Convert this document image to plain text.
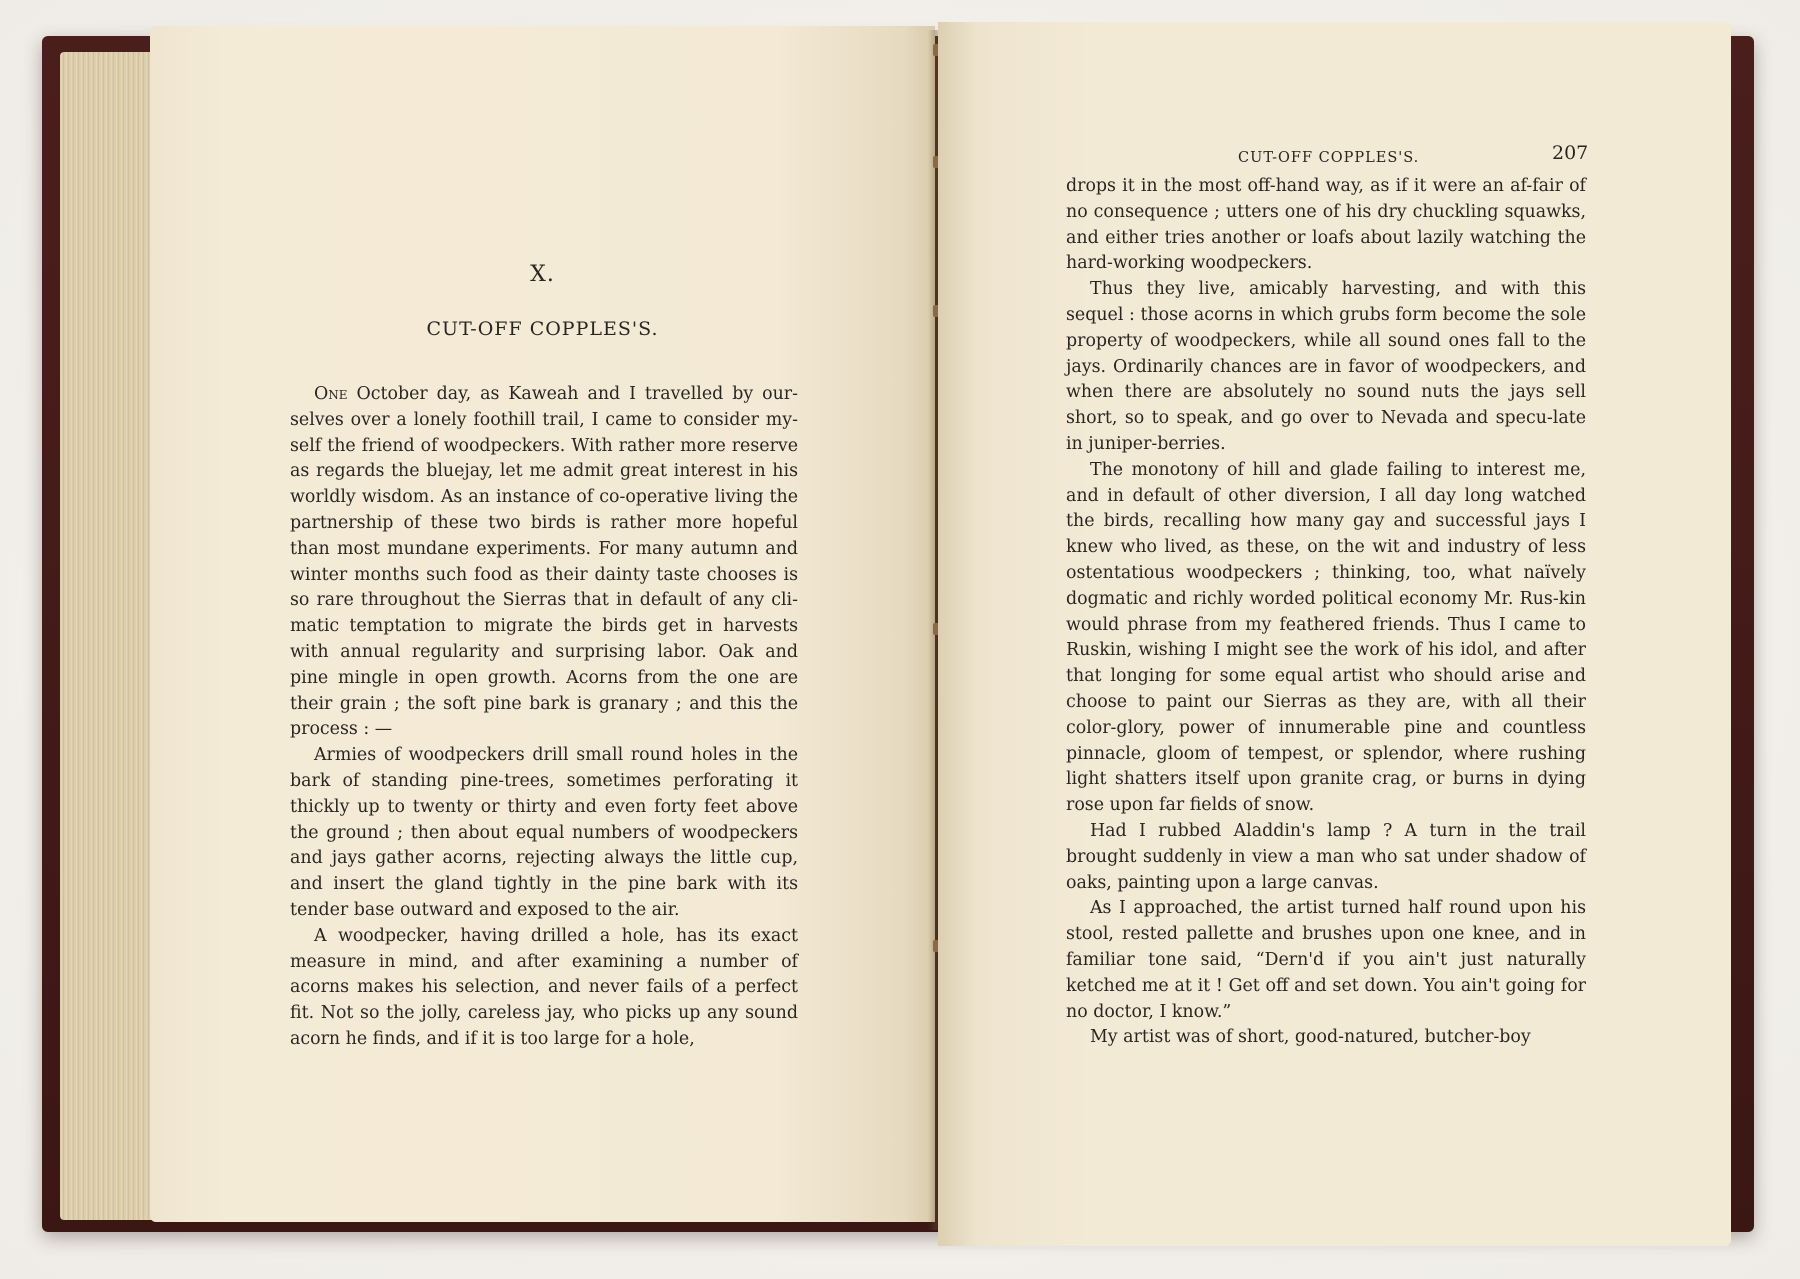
X.
CUT-OFF COPPLES'S.

One October day, as Kaweah and I travelled by our-selves over a lonely foothill trail, I came to consider my-self the friend of woodpeckers. With rather more reserve as regards the bluejay, let me admit great interest in his worldly wisdom. As an instance of co-operative living the partnership of these two birds is rather more hopeful than most mundane experiments. For many autumn and winter months such food as their dainty taste chooses is so rare throughout the Sierras that in default of any cli-matic temptation to migrate the birds get in harvests with annual regularity and surprising labor. Oak and pine mingle in open growth. Acorns from the one are their grain ; the soft pine bark is granary ; and this the process : —

Armies of woodpeckers drill small round holes in the bark of standing pine-trees, sometimes perforating it thickly up to twenty or thirty and even forty feet above the ground ; then about equal numbers of woodpeckers and jays gather acorns, rejecting always the little cup, and insert the gland tightly in the pine bark with its tender base outward and exposed to the air.

A woodpecker, having drilled a hole, has its exact measure in mind, and after examining a number of acorns makes his selection, and never fails of a perfect fit. Not so the jolly, careless jay, who picks up any sound acorn he finds, and if it is too large for a hole,

CUT-OFF COPPLES'S.	207

drops it in the most off-hand way, as if it were an af-fair of no consequence ; utters one of his dry chuckling squawks, and either tries another or loafs about lazily watching the hard-working woodpeckers.

Thus they live, amicably harvesting, and with this sequel : those acorns in which grubs form become the sole property of woodpeckers, while all sound ones fall to the jays. Ordinarily chances are in favor of woodpeckers, and when there are absolutely no sound nuts the jays sell short, so to speak, and go over to Nevada and specu-late in juniper-berries.

The monotony of hill and glade failing to interest me, and in default of other diversion, I all day long watched the birds, recalling how many gay and successful jays I knew who lived, as these, on the wit and industry of less ostentatious woodpeckers ; thinking, too, what naïvely dogmatic and richly worded political economy Mr. Rus-kin would phrase from my feathered friends. Thus I came to Ruskin, wishing I might see the work of his idol, and after that longing for some equal artist who should arise and choose to paint our Sierras as they are, with all their color-glory, power of innumerable pine and countless pinnacle, gloom of tempest, or splendor, where rushing light shatters itself upon granite crag, or burns in dying rose upon far fields of snow.

Had I rubbed Aladdin's lamp ? A turn in the trail brought suddenly in view a man who sat under shadow of oaks, painting upon a large canvas.

As I approached, the artist turned half round upon his stool, rested pallette and brushes upon one knee, and in familiar tone said, “Dern'd if you ain't just naturally ketched me at it ! Get off and set down. You ain't going for no doctor, I know.”

My artist was of short, good-natured, butcher-boy
